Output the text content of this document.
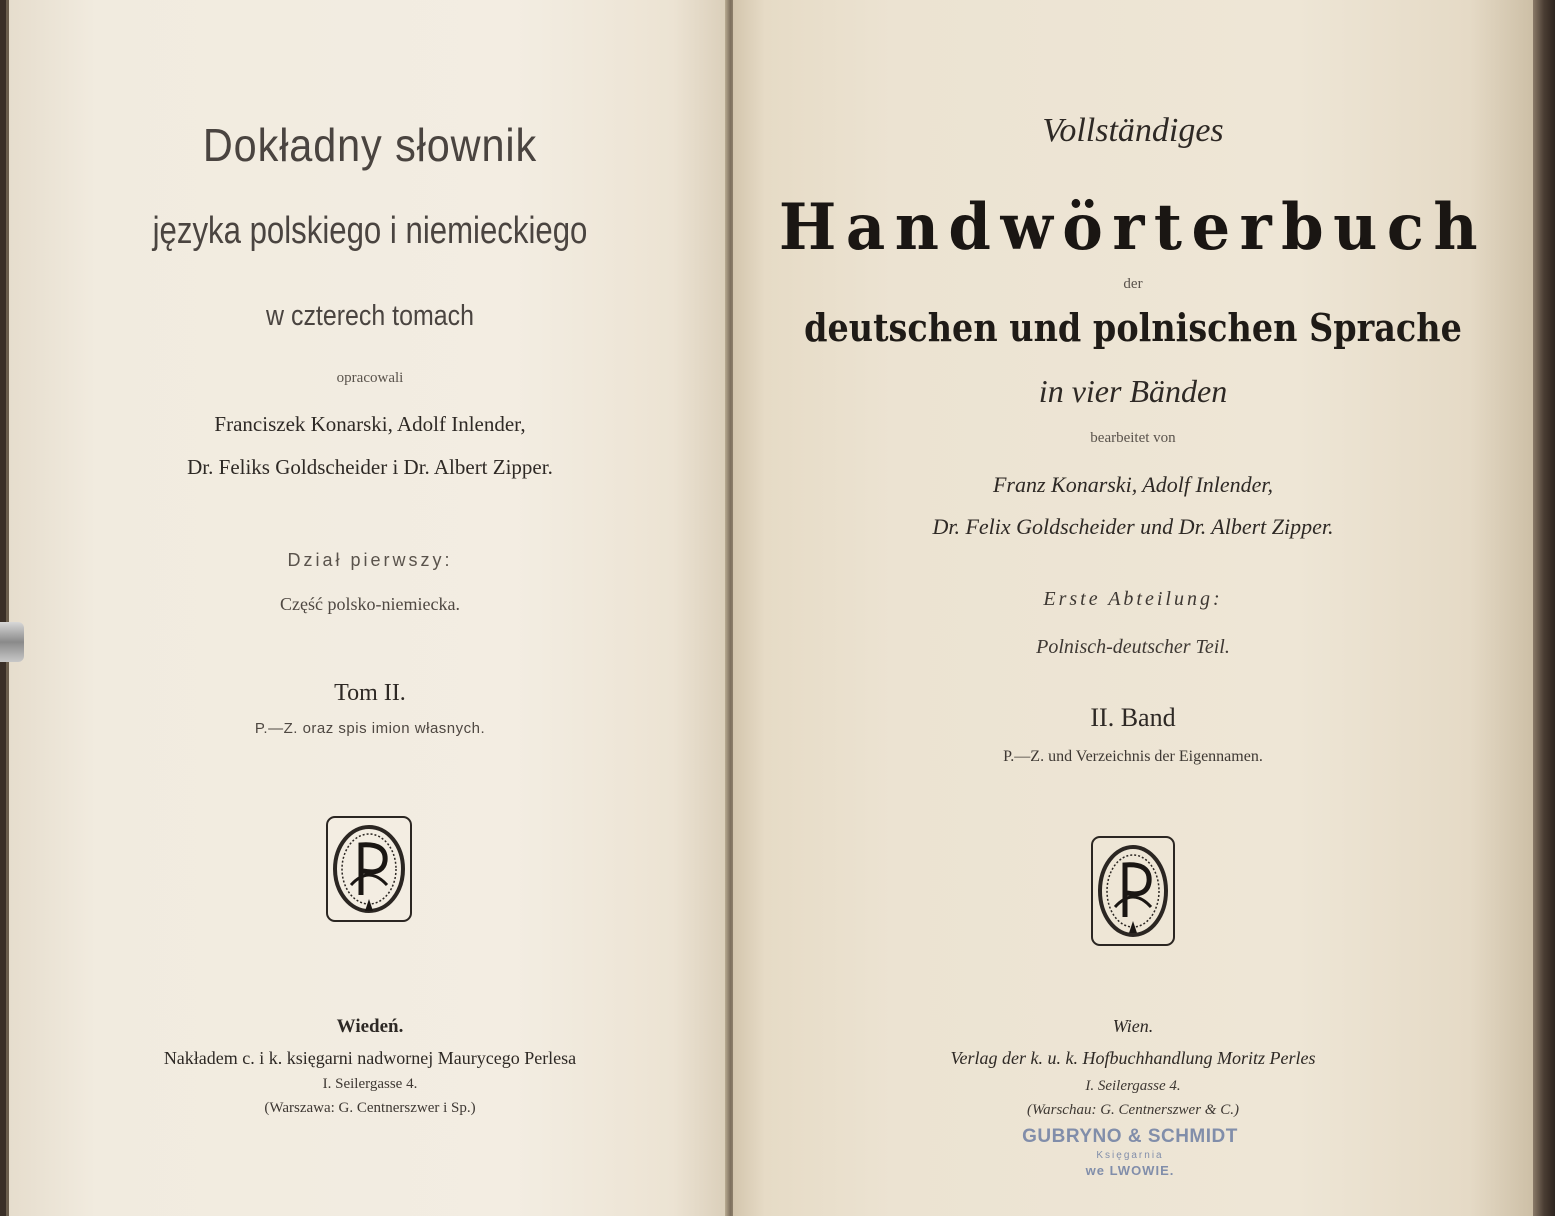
Dokładny słownik
języka polskiego i niemieckiego
w czterech tomach
opracowali
Franciszek Konarski, Adolf Inlender,
Dr. Feliks Goldscheider i Dr. Albert Zipper.
Dział pierwszy:
Część polsko-niemiecka.
Tom II.
P.—Z. oraz spis imion własnych.
Wiedeń.
Nakładem c. i k. księgarni nadwornej Maurycego Perlesa
I. Seilergasse 4.
(Warszawa: G. Centnerszwer i Sp.)
Vollständiges
Handwörterbuch
der
deutschen und polnischen Sprache
in vier Bänden
bearbeitet von
Franz Konarski, Adolf Inlender,
Dr. Felix Goldscheider und Dr. Albert Zipper.
Erste Abteilung:
Polnisch-deutscher Teil.
II. Band
P.—Z. und Verzeichnis der Eigennamen.
Wien.
Verlag der k. u. k. Hofbuchhandlung Moritz Perles
I. Seilergasse 4.
(Warschau: G. Centnerszwer & C.)
GUBRYNO & SCHMIDT
Księgarnia
we LWOWIE.
